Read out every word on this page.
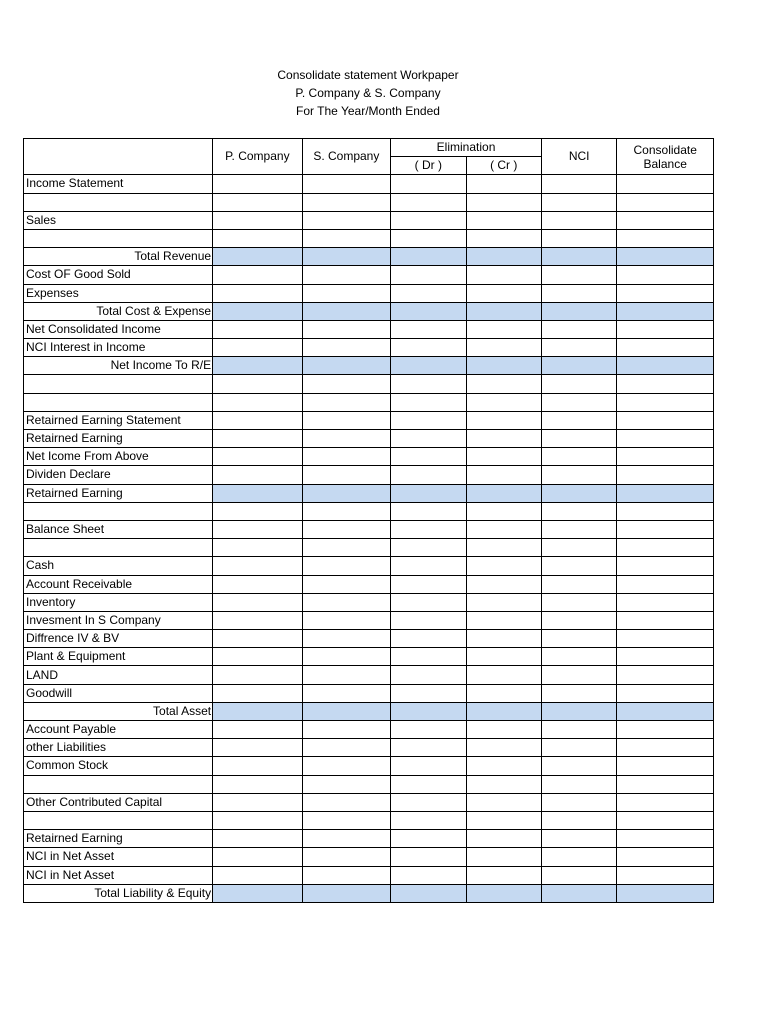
Consolidate statement Workpaper
P. Company & S. Company
For The Year/Month Ended
	P. Company	S. Company	Elimination		NCI	Consolidate
Balance
			( Dr )	( Cr )		
Income Statement						

Sales						

Total Revenue						
Cost OF Good Sold						
Expenses						
Total Cost & Expense						
Net Consolidated Income						
NCI Interest in Income						
Net Income To R/E						

Retairned Earning Statement						
Retairned Earning						
Net Icome From Above						
Dividen Declare						
Retairned Earning						

Balance Sheet						

Cash						
Account Receivable						
Inventory						
Invesment In S Company						
Diffrence IV & BV						
Plant & Equipment						
LAND						
Goodwill						
Total Asset						
Account Payable						
other Liabilities						
Common Stock						

Other Contributed Capital						

Retairned Earning						
NCI in Net Asset						
NCI in Net Asset						
Total Liability & Equity						
